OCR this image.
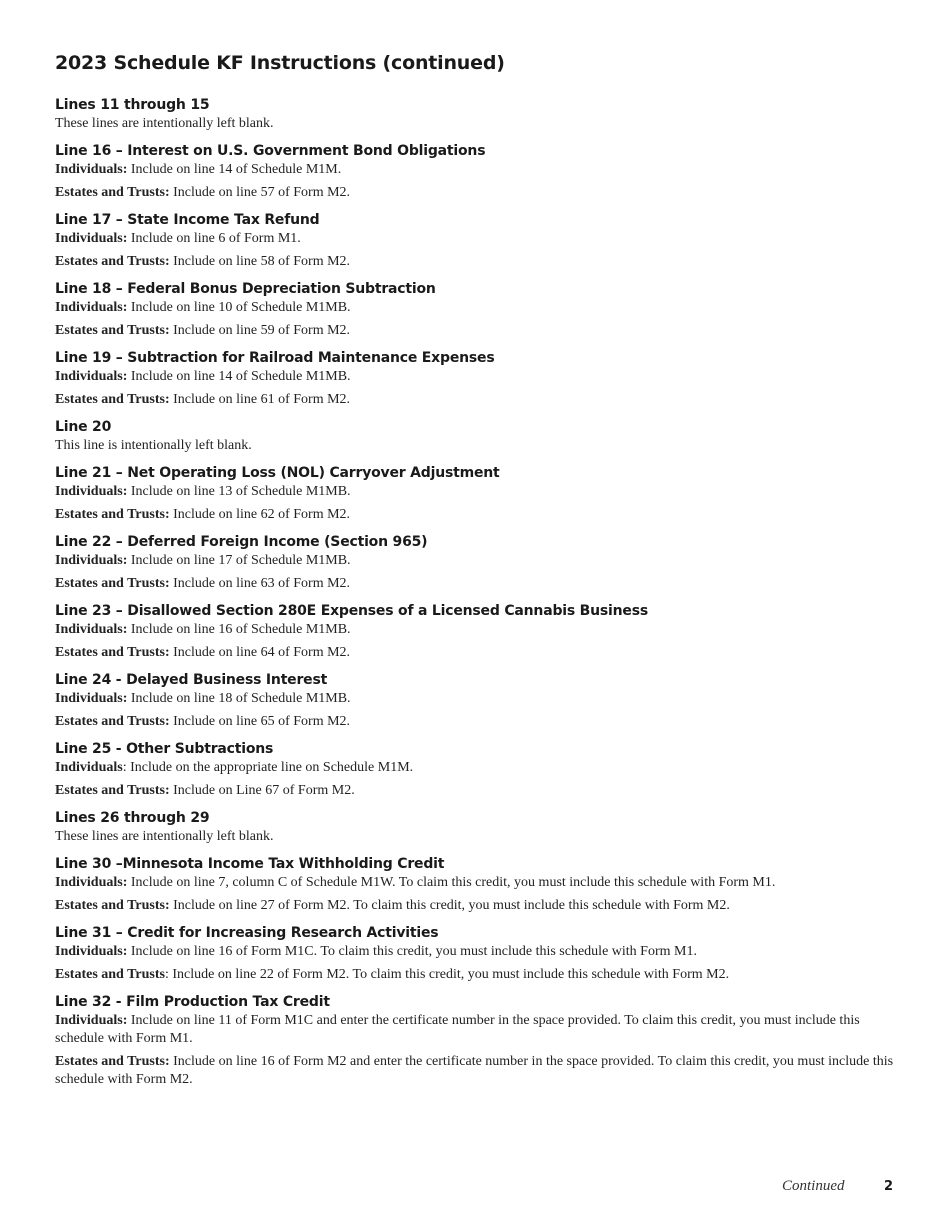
2023 Schedule KF Instructions (continued)
Lines 11 through 15

These lines are intentionally left blank.

Line 16 – Interest on U.S. Government Bond Obligations

Individuals: Include on line 14 of Schedule M1M.

Estates and Trusts: Include on line 57 of Form M2.

Line 17 – State Income Tax Refund

Individuals: Include on line 6 of Form M1.

Estates and Trusts: Include on line 58 of Form M2.

Line 18 – Federal Bonus Depreciation Subtraction

Individuals: Include on line 10 of Schedule M1MB.

Estates and Trusts: Include on line 59 of Form M2.

Line 19 – Subtraction for Railroad Maintenance Expenses

Individuals: Include on line 14 of Schedule M1MB.

Estates and Trusts: Include on line 61 of Form M2.

Line 20

This line is intentionally left blank.

Line 21 – Net Operating Loss (NOL) Carryover Adjustment

Individuals: Include on line 13 of Schedule M1MB.

Estates and Trusts: Include on line 62 of Form M2.

Line 22 – Deferred Foreign Income (Section 965)

Individuals: Include on line 17 of Schedule M1MB.

Estates and Trusts: Include on line 63 of Form M2.

Line 23 – Disallowed Section 280E Expenses of a Licensed Cannabis Business

Individuals: Include on line 16 of Schedule M1MB.

Estates and Trusts: Include on line 64 of Form M2.

Line 24 - Delayed Business Interest

Individuals: Include on line 18 of Schedule M1MB.

Estates and Trusts: Include on line 65 of Form M2.

Line 25 - Other Subtractions

Individuals: Include on the appropriate line on Schedule M1M.

Estates and Trusts: Include on Line 67 of Form M2.

Lines 26 through 29

These lines are intentionally left blank.

Line 30 –Minnesota Income Tax Withholding Credit

Individuals: Include on line 7, column C of Schedule M1W. To claim this credit, you must include this schedule with Form M1.

Estates and Trusts: Include on line 27 of Form M2. To claim this credit, you must include this schedule with Form M2.

Line 31 – Credit for Increasing Research Activities

Individuals: Include on line 16 of Form M1C. To claim this credit, you must include this schedule with Form M1.

Estates and Trusts: Include on line 22 of Form M2. To claim this credit, you must include this schedule with Form M2.

Line 32 - Film Production Tax Credit

Individuals: Include on line 11 of Form M1C and enter the certificate number in the space provided. To claim this credit, you must include this schedule with Form M1.

Estates and Trusts: Include on line 16 of Form M2 and enter the certificate number in the space provided. To claim this credit, you must include this schedule with Form M2.

Continued	2
